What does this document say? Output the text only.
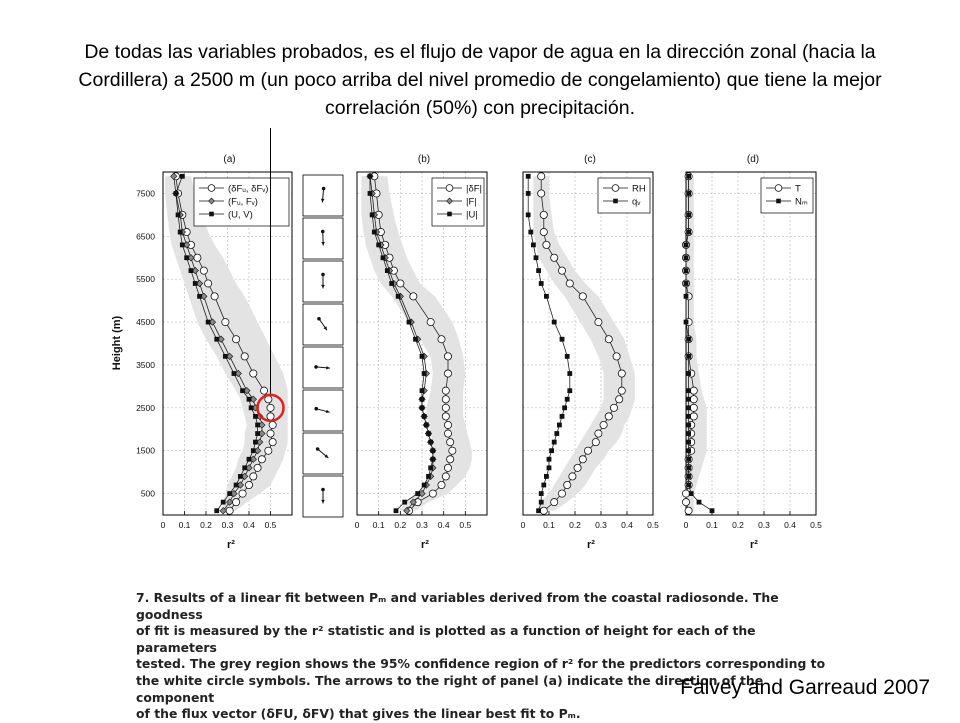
De todas las variables probados, es el flujo de vapor de agua en la dirección zonal (hacia la Cordillera) a 2500 m (un poco arriba del nivel promedio de congelamiento) que tiene la mejor correlación (50%) con precipitación.
Height (m)
500
1500
2500
3500
4500
5500
6500
7500
(a)
0 0.1 0.2 0.3 0.4 0.5
r²
(δFᵤ, δFᵥ)
(Fᵤ, Fᵥ)
(U, V)
(b)
0 0.1 0.2 0.3 0.4 0.5
r²
|δF|
|F|
|U|
(c)
0 0.1 0.2 0.3 0.4 0.5
r²
RH
qᵥ
(d)
0 0.1 0.2 0.3 0.4 0.5
r²
T
Nₘ

7. Results of a linear fit between Pₘ and variables derived from the coastal radiosonde. The goodness

of fit is measured by the r² statistic and is plotted as a function of height for each of the parameters

tested. The grey region shows the 95% confidence region of r² for the predictors corresponding to

the white circle symbols. The arrows to the right of panel (a) indicate the direction of the component

of the flux vector (δFU, δFV) that gives the linear best fit to Pₘ.

Falvey and Garreaud 2007
